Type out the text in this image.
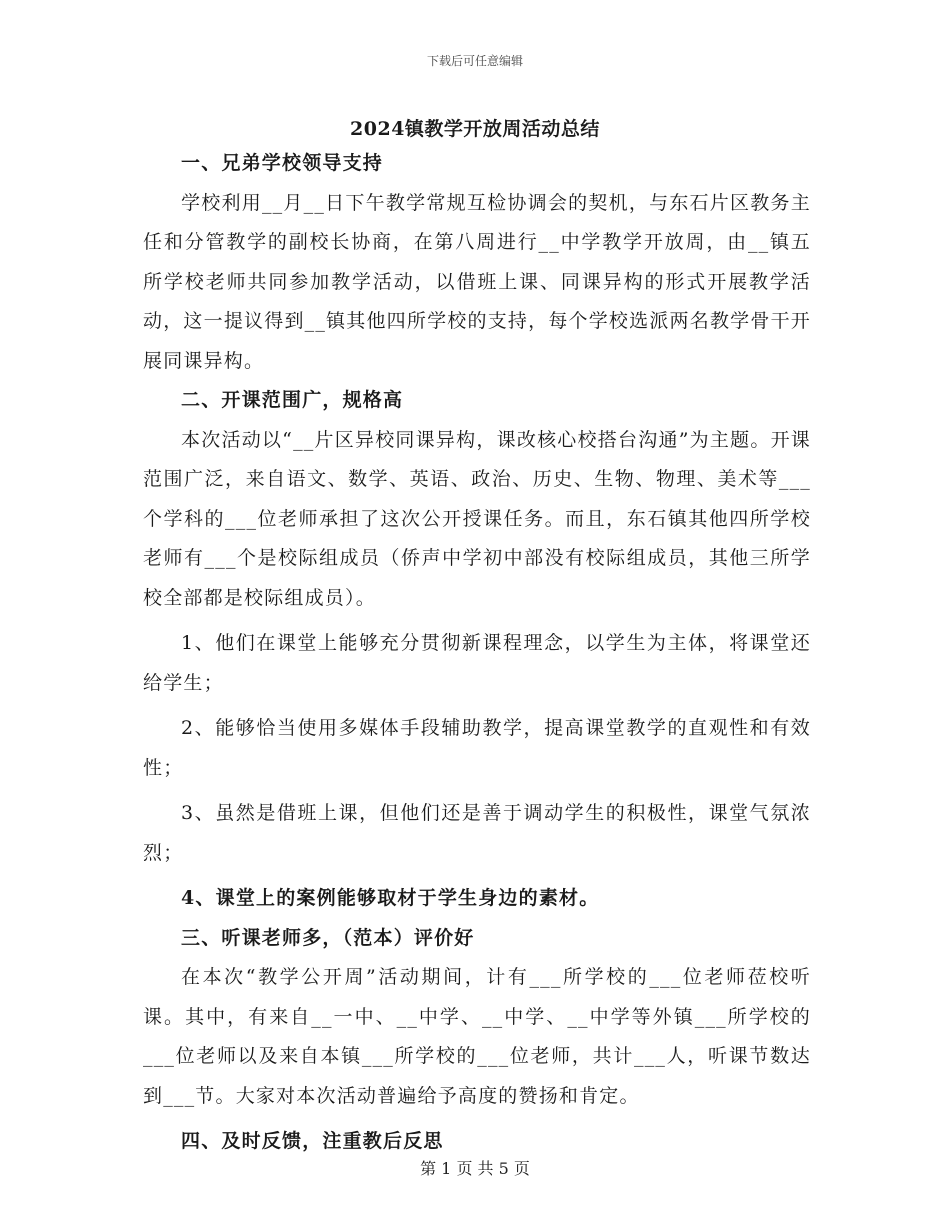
下载后可任意编辑
2024镇教学开放周活动总结

一、兄弟学校领导支持

学校利用__月__日下午教学常规互检协调会的契机，与东石片区教务主任和分管教学的副校长协商，在第八周进行__中学教学开放周，由__镇五所学校老师共同参加教学活动，以借班上课、同课异构的形式开展教学活动，这一提议得到__镇其他四所学校的支持，每个学校选派两名教学骨干开展同课异构。

二、开课范围广，规格高

本次活动以“__片区异校同课异构，课改核心校搭台沟通”为主题。开课范围广泛，来自语文、数学、英语、政治、历史、生物、物理、美术等___个学科的___位老师承担了这次公开授课任务。而且，东石镇其他四所学校老师有___个是校际组成员（侨声中学初中部没有校际组成员，其他三所学校全部都是校际组成员）。

1、他们在课堂上能够充分贯彻新课程理念，以学生为主体，将课堂还给学生；

2、能够恰当使用多媒体手段辅助教学，提高课堂教学的直观性和有效性；

3、虽然是借班上课，但他们还是善于调动学生的积极性，课堂气氛浓烈；

4、课堂上的案例能够取材于学生身边的素材。

三、听课老师多，（范本）评价好

在本次“教学公开周”活动期间，计有___所学校的___位老师莅校听课。其中，有来自__一中、__中学、__中学、__中学等外镇___所学校的___位老师以及来自本镇___所学校的___位老师，共计___人，听课节数达到___节。大家对本次活动普遍给予高度的赞扬和肯定。

四、及时反馈，注重教后反思

第 1 页 共 5 页
